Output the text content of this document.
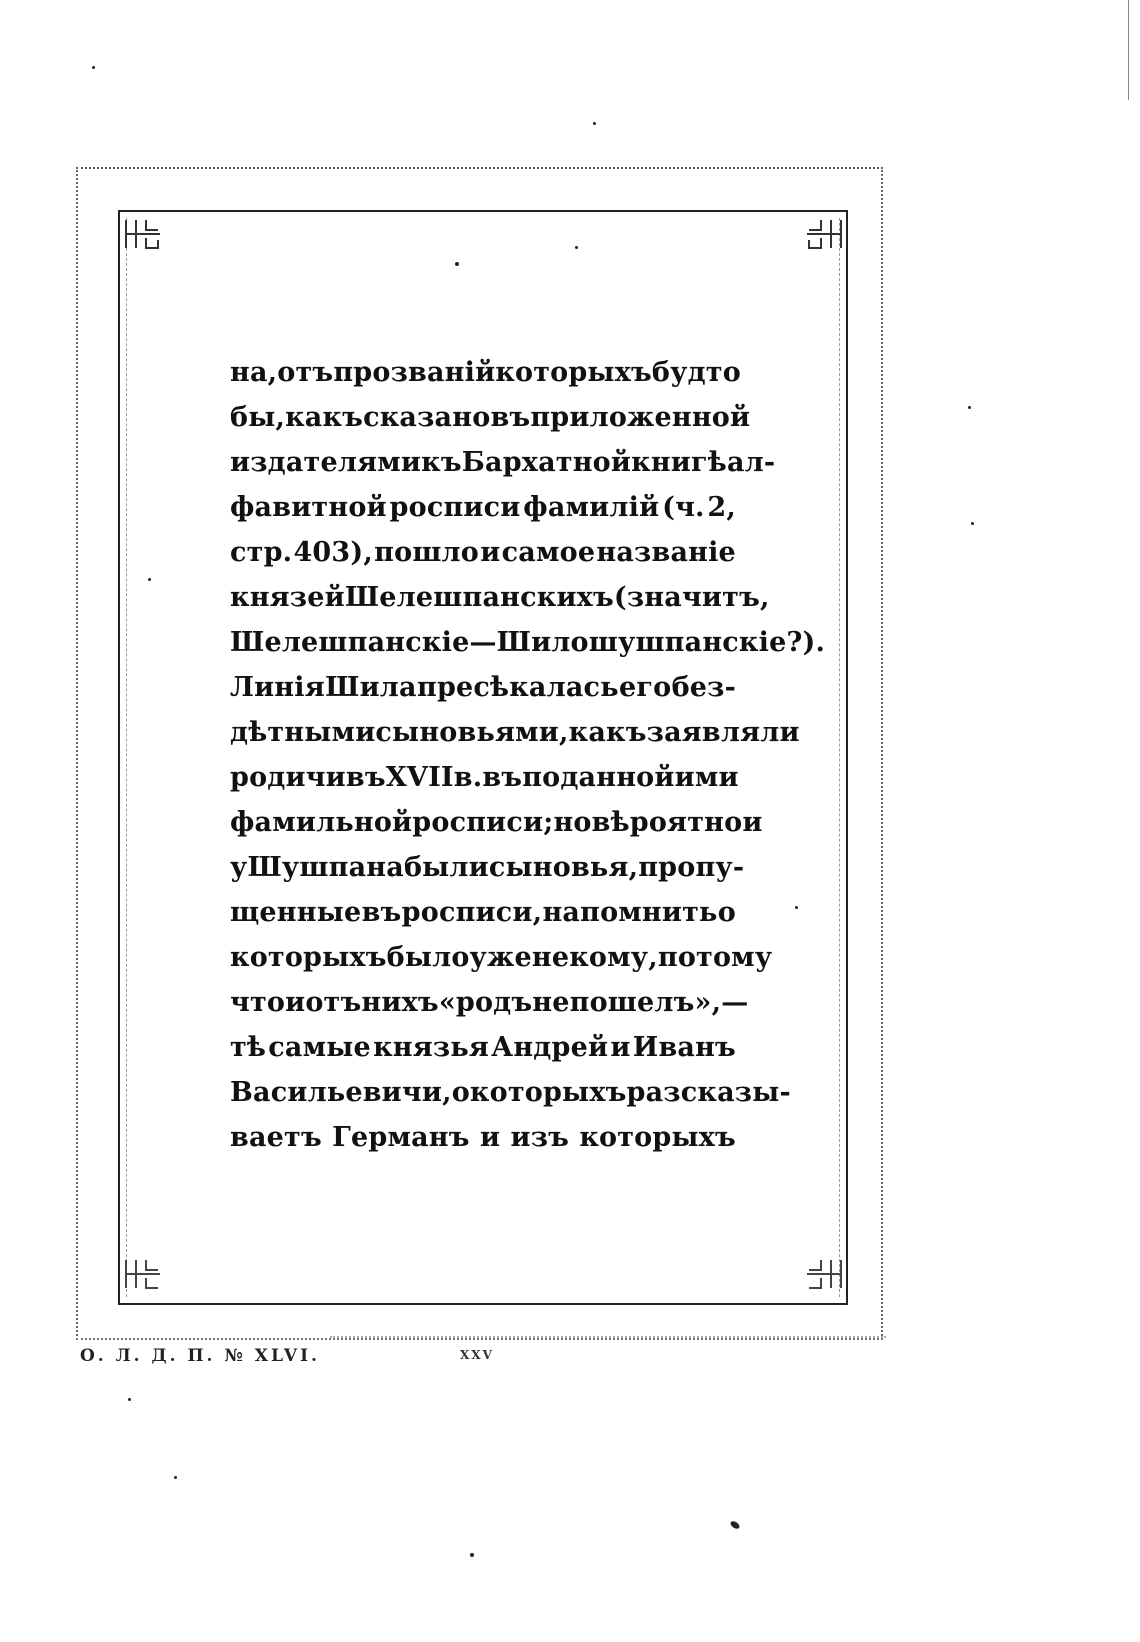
на, отъ прозваній которыхъ будто
бы, какъ сказано въ приложенной
издателями къ Бархатной книгѣ ал-
фавитной росписи фамилій (ч. 2,
стр. 403), пошло и самое названіе
князей Шелешпанскихъ (значитъ,
Шелешпанскіе—Шилошушпанскіе?).
Линія Шила пресѣкалась его без-
дѣтными сыновьями, какъ заявляли
родичи въ XVII в. въ поданной ими
фамильной росписи; но вѣроятно и
у Шушпана были сыновья, пропу-
щенные въ росписи, напомнить о
которыхъ было уже некому, потому
что и отъ нихъ «родъ не пошелъ»,—
тѣ самые князья Андрей и Иванъ
Васильевичи, о которыхъ разсказы-
ваетъ Германъ и изъ которыхъ
О. Л. Д. П. № XLVI.	XXV
